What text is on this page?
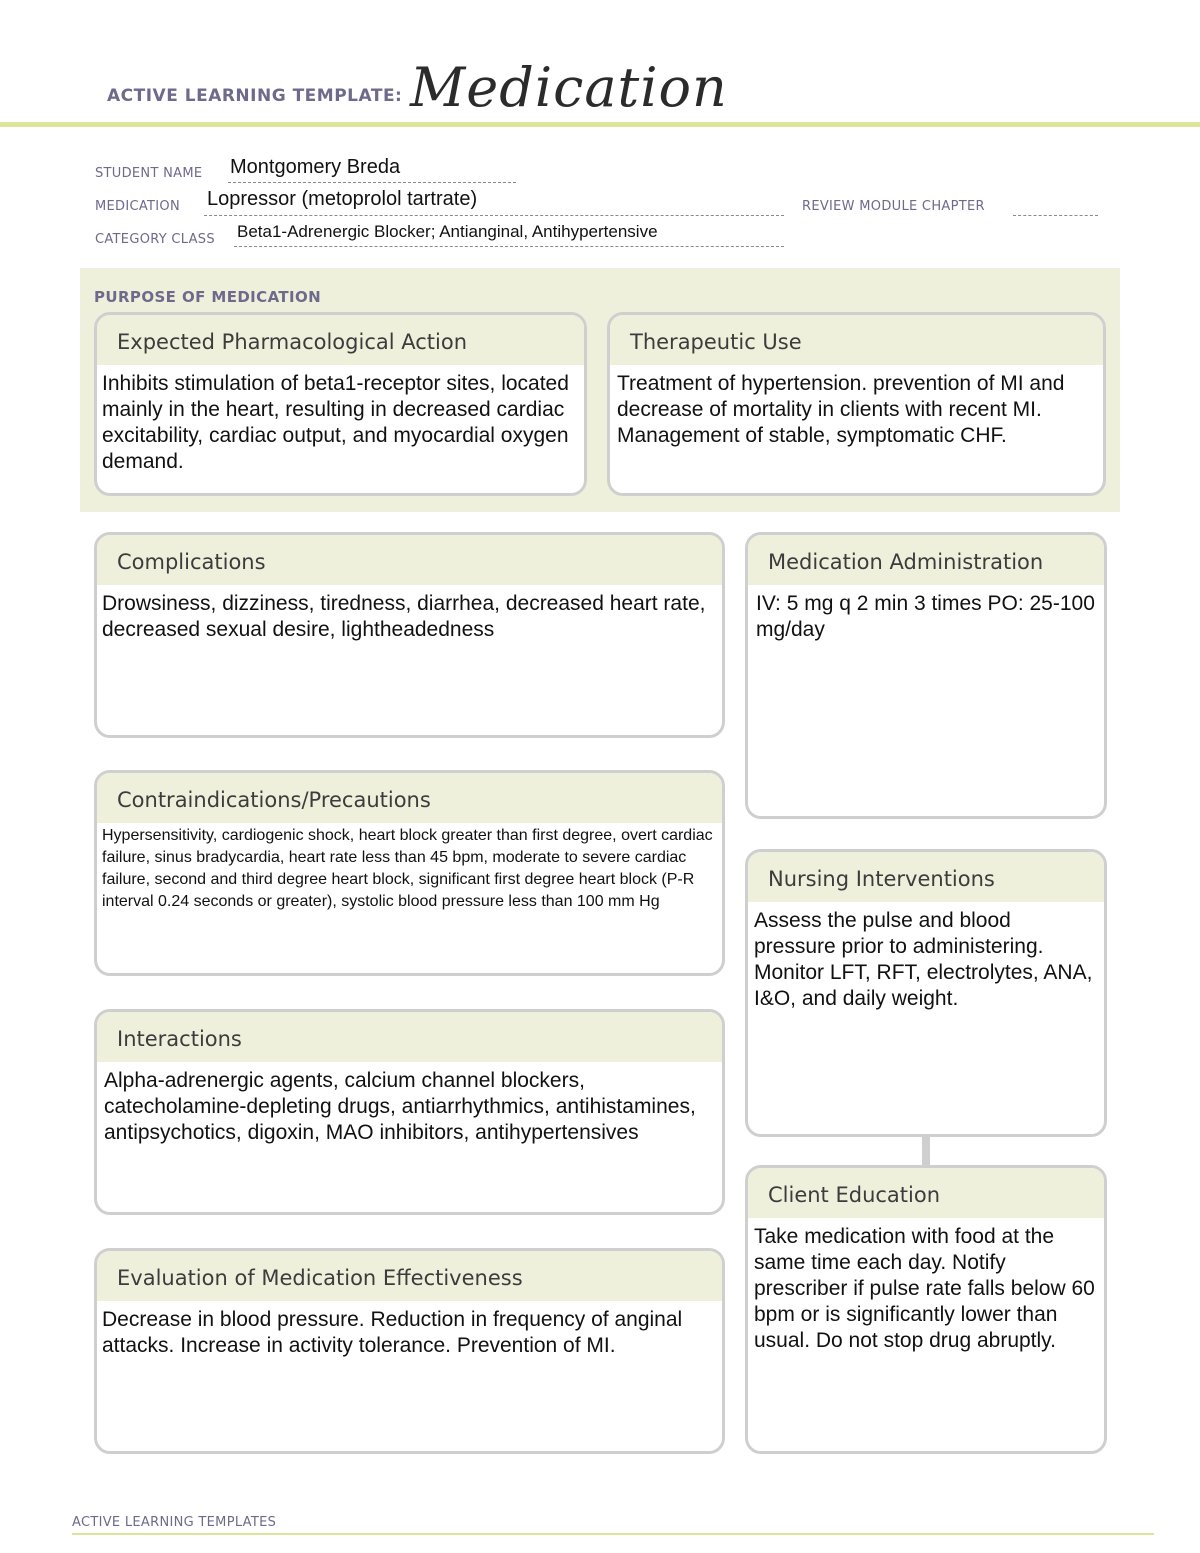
ACTIVE LEARNING TEMPLATE: Medication
STUDENT NAME Montgomery Breda
MEDICATION Lopressor (metoprolol tartrate)	REVIEW MODULE CHAPTER
CATEGORY CLASS Beta1-Adrenergic Blocker; Antianginal, Antihypertensive
PURPOSE OF MEDICATION
Expected Pharmacological Action
Inhibits stimulation of beta1-receptor sites, located mainly in the heart, resulting in decreased cardiac excitability, cardiac output, and myocardial oxygen demand.
Therapeutic Use
Treatment of hypertension. prevention of MI and decrease of mortality in clients with recent MI. Management of stable, symptomatic CHF.
Complications
Drowsiness, dizziness, tiredness, diarrhea, decreased heart rate, decreased sexual desire, lightheadedness
Contraindications/Precautions
Hypersensitivity, cardiogenic shock, heart block greater than first degree, overt cardiac failure, sinus bradycardia, heart rate less than 45 bpm, moderate to severe cardiac failure, second and third degree heart block, significant first degree heart block (P-R interval 0.24 seconds or greater), systolic blood pressure less than 100 mm Hg
Interactions
Alpha-adrenergic agents, calcium channel blockers, catecholamine-depleting drugs, antiarrhythmics, antihistamines, antipsychotics, digoxin, MAO inhibitors, antihypertensives
Evaluation of Medication Effectiveness
Decrease in blood pressure. Reduction in frequency of anginal attacks. Increase in activity tolerance. Prevention of MI.
Medication Administration
IV: 5 mg q 2 min 3 times PO: 25-100 mg/day
Nursing Interventions
Assess the pulse and blood pressure prior to administering. Monitor LFT, RFT, electrolytes, ANA, I&O, and daily weight.
Client Education
Take medication with food at the same time each day. Notify prescriber if pulse rate falls below 60 bpm or is significantly lower than usual. Do not stop drug abruptly.
ACTIVE LEARNING TEMPLATES
